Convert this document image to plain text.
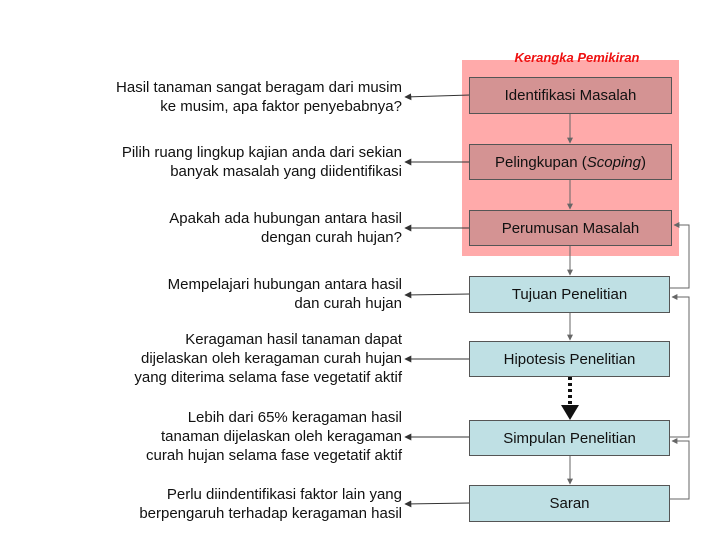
Kerangka Pemikiran
Identifikasi Masalah
Pelingkupan ( Scoping )
Perumusan Masalah
Tujuan Penelitian
Hipotesis Penelitian
Simpulan Penelitian
Saran
Hasil tanaman sangat beragam dari musim
ke musim, apa faktor penyebabnya?
Pilih ruang lingkup kajian anda dari sekian
banyak masalah yang diidentifikasi
Apakah ada hubungan antara hasil
dengan curah hujan?
Mempelajari hubungan antara hasil
dan curah hujan
Keragaman hasil tanaman dapat
dijelaskan oleh keragaman curah hujan
yang diterima selama fase vegetatif aktif
Lebih dari 65% keragaman hasil
tanaman dijelaskan oleh keragaman
curah hujan selama fase vegetatif aktif
Perlu diindentifikasi faktor lain yang
berpengaruh terhadap keragaman hasil
